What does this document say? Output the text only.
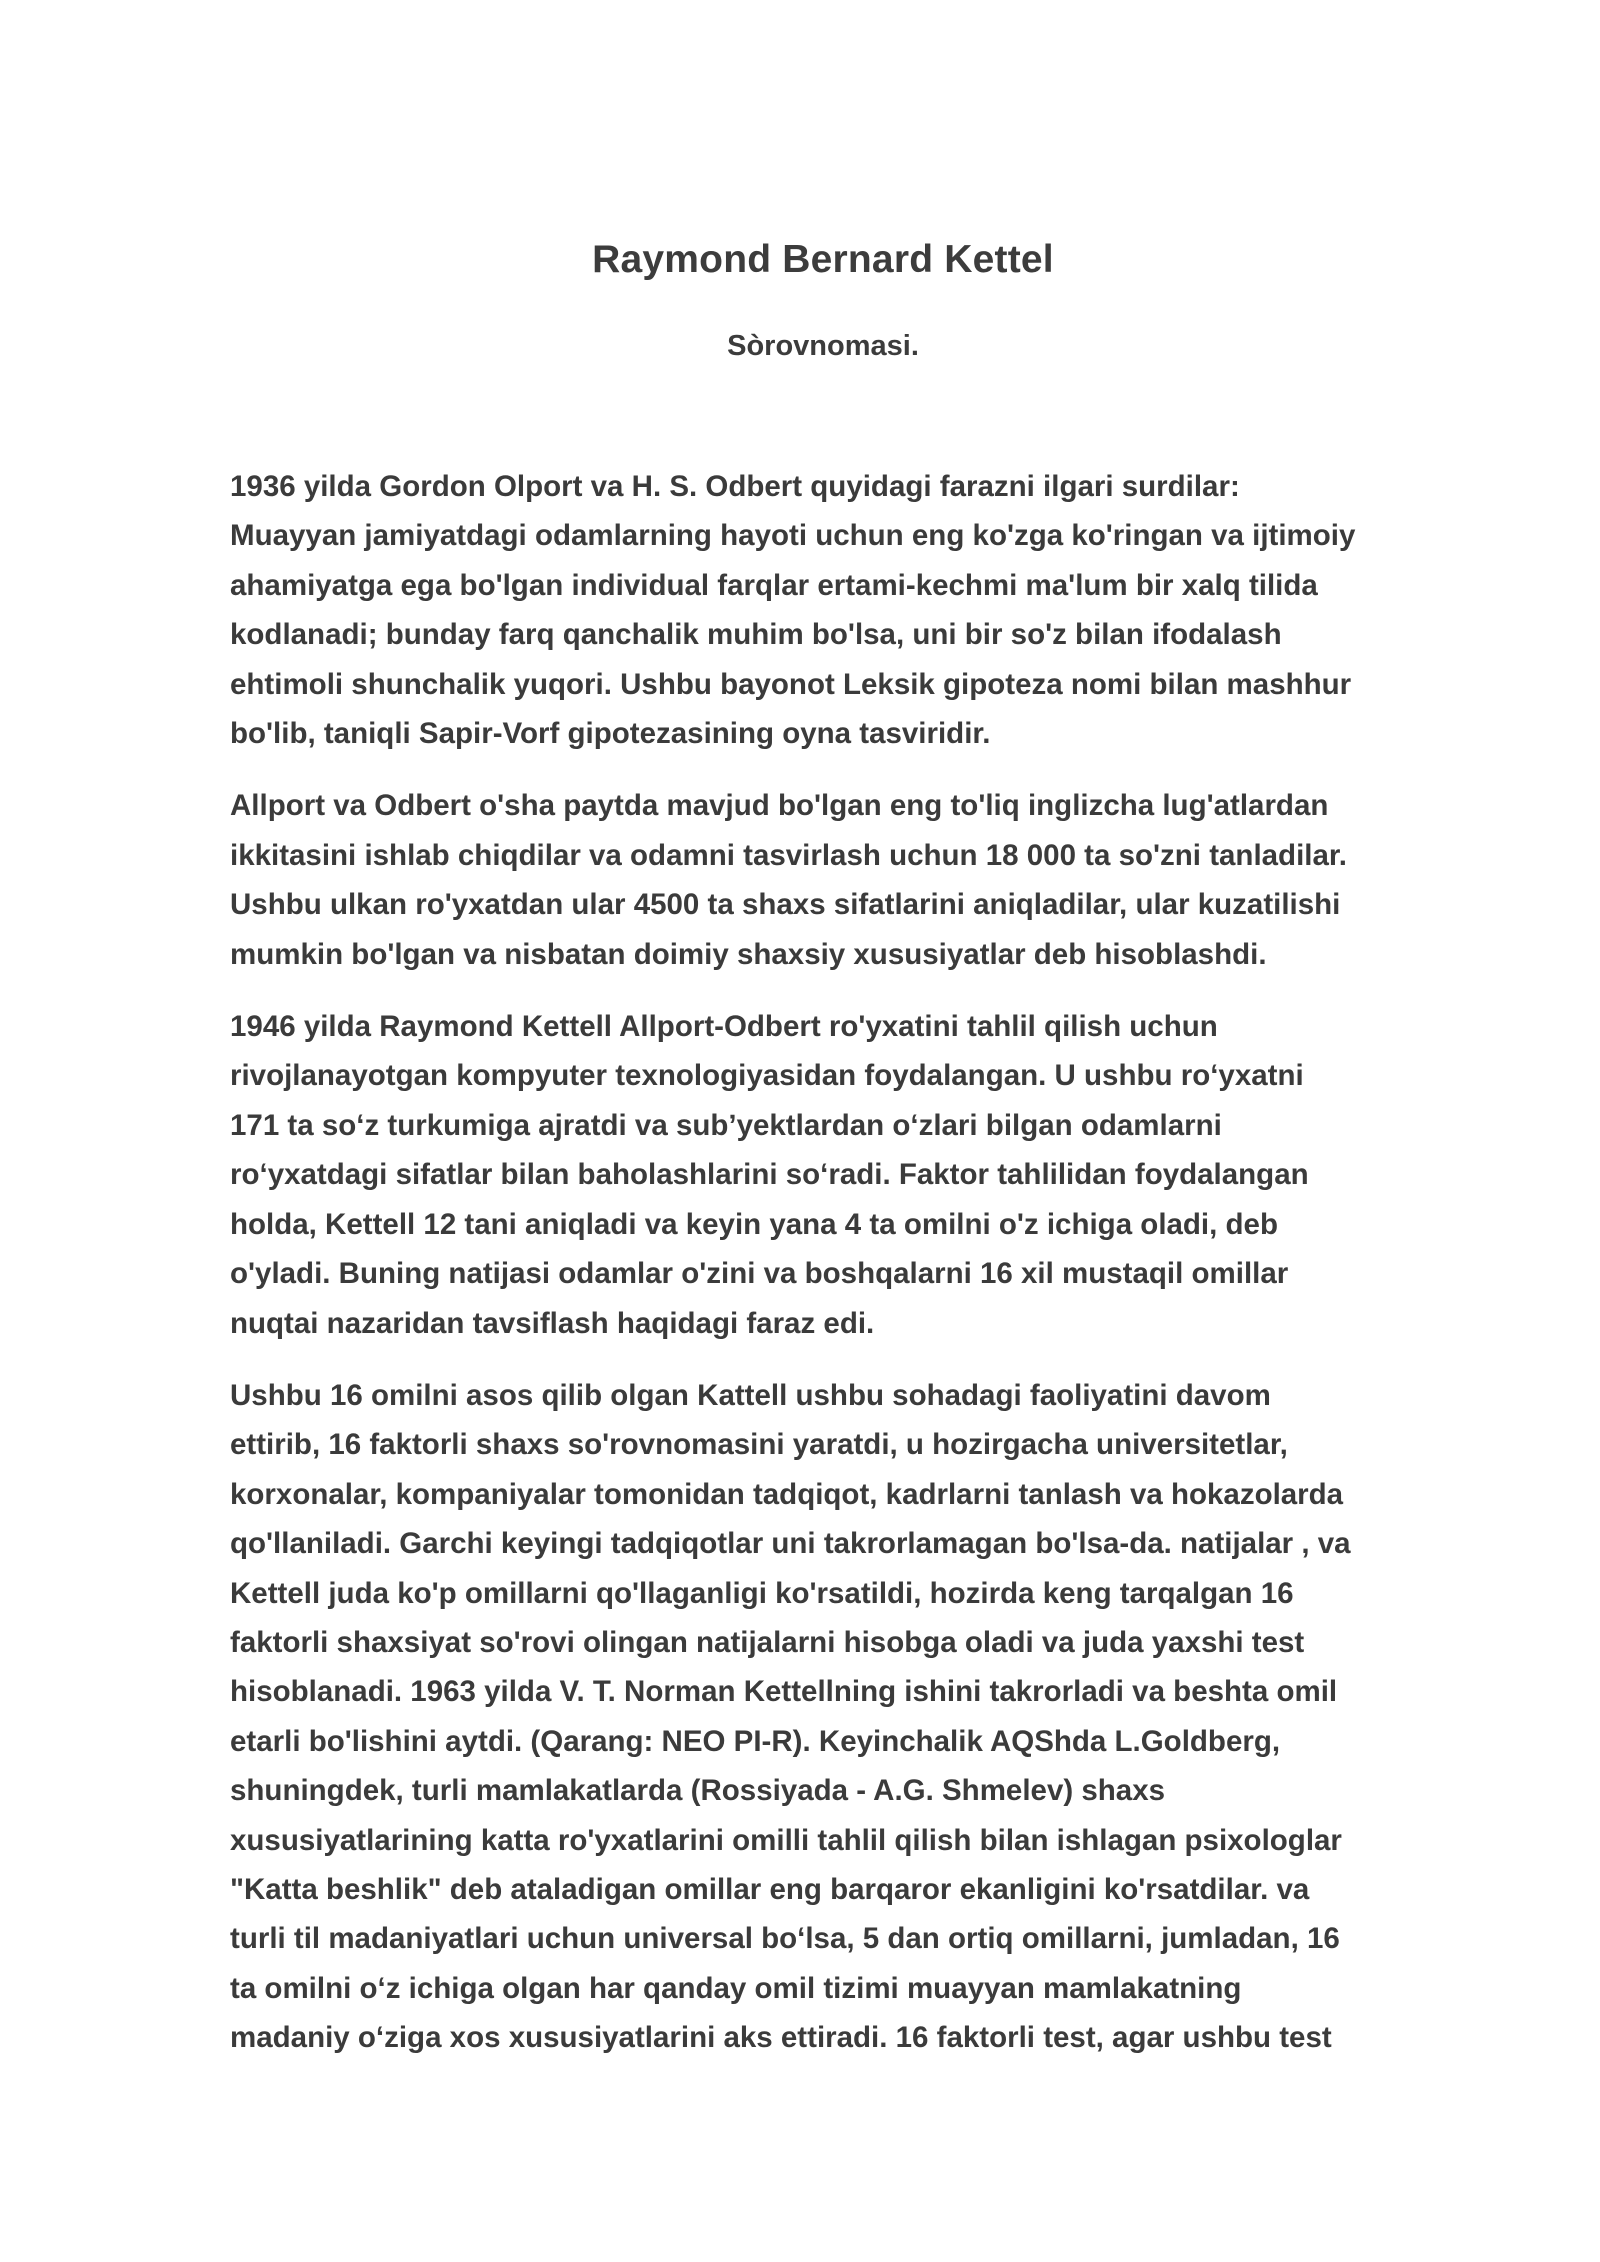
Raymond Bernard Kettel
Sòrovnomasi.
1936 yilda Gordon Olport va H. S. Odbert quyidagi farazni ilgari surdilar:
Muayyan jamiyatdagi odamlarning hayoti uchun eng ko'zga ko'ringan va ijtimoiy
ahamiyatga ega bo'lgan individual farqlar ertami-kechmi ma'lum bir xalq tilida
kodlanadi; bunday farq qanchalik muhim bo'lsa, uni bir so'z bilan ifodalash
ehtimoli shunchalik yuqori. Ushbu bayonot Leksik gipoteza nomi bilan mashhur
bo'lib, taniqli Sapir-Vorf gipotezasining oyna tasviridir.
Allport va Odbert o'sha paytda mavjud bo'lgan eng to'liq inglizcha lug'atlardan
ikkitasini ishlab chiqdilar va odamni tasvirlash uchun 18 000 ta so'zni tanladilar.
Ushbu ulkan ro'yxatdan ular 4500 ta shaxs sifatlarini aniqladilar, ular kuzatilishi
mumkin bo'lgan va nisbatan doimiy shaxsiy xususiyatlar deb hisoblashdi.
1946 yilda Raymond Kettell Allport-Odbert ro'yxatini tahlil qilish uchun
rivojlanayotgan kompyuter texnologiyasidan foydalangan. U ushbu roʻyxatni
171 ta soʻz turkumiga ajratdi va subʼyektlardan oʻzlari bilgan odamlarni
roʻyxatdagi sifatlar bilan baholashlarini soʻradi. Faktor tahlilidan foydalangan
holda, Kettell 12 tani aniqladi va keyin yana 4 ta omilni o'z ichiga oladi, deb
o'yladi. Buning natijasi odamlar o'zini va boshqalarni 16 xil mustaqil omillar
nuqtai nazaridan tavsiflash haqidagi faraz edi.
Ushbu 16 omilni asos qilib olgan Kattell ushbu sohadagi faoliyatini davom
ettirib, 16 faktorli shaxs so'rovnomasini yaratdi, u hozirgacha universitetlar,
korxonalar, kompaniyalar tomonidan tadqiqot, kadrlarni tanlash va hokazolarda
qo'llaniladi. Garchi keyingi tadqiqotlar uni takrorlamagan bo'lsa-da. natijalar , va
Kettell juda ko'p omillarni qo'llaganligi ko'rsatildi, hozirda keng tarqalgan 16
faktorli shaxsiyat so'rovi olingan natijalarni hisobga oladi va juda yaxshi test
hisoblanadi. 1963 yilda V. T. Norman Kettellning ishini takrorladi va beshta omil
etarli bo'lishini aytdi. (Qarang: NEO PI-R). Keyinchalik AQShda L.Goldberg,
shuningdek, turli mamlakatlarda (Rossiyada - A.G. Shmelev) shaxs
xususiyatlarining katta ro'yxatlarini omilli tahlil qilish bilan ishlagan psixologlar
"Katta beshlik" deb ataladigan omillar eng barqaror ekanligini ko'rsatdilar. va
turli til madaniyatlari uchun universal boʻlsa, 5 dan ortiq omillarni, jumladan, 16
ta omilni oʻz ichiga olgan har qanday omil tizimi muayyan mamlakatning
madaniy oʻziga xos xususiyatlarini aks ettiradi. 16 faktorli test, agar ushbu test
